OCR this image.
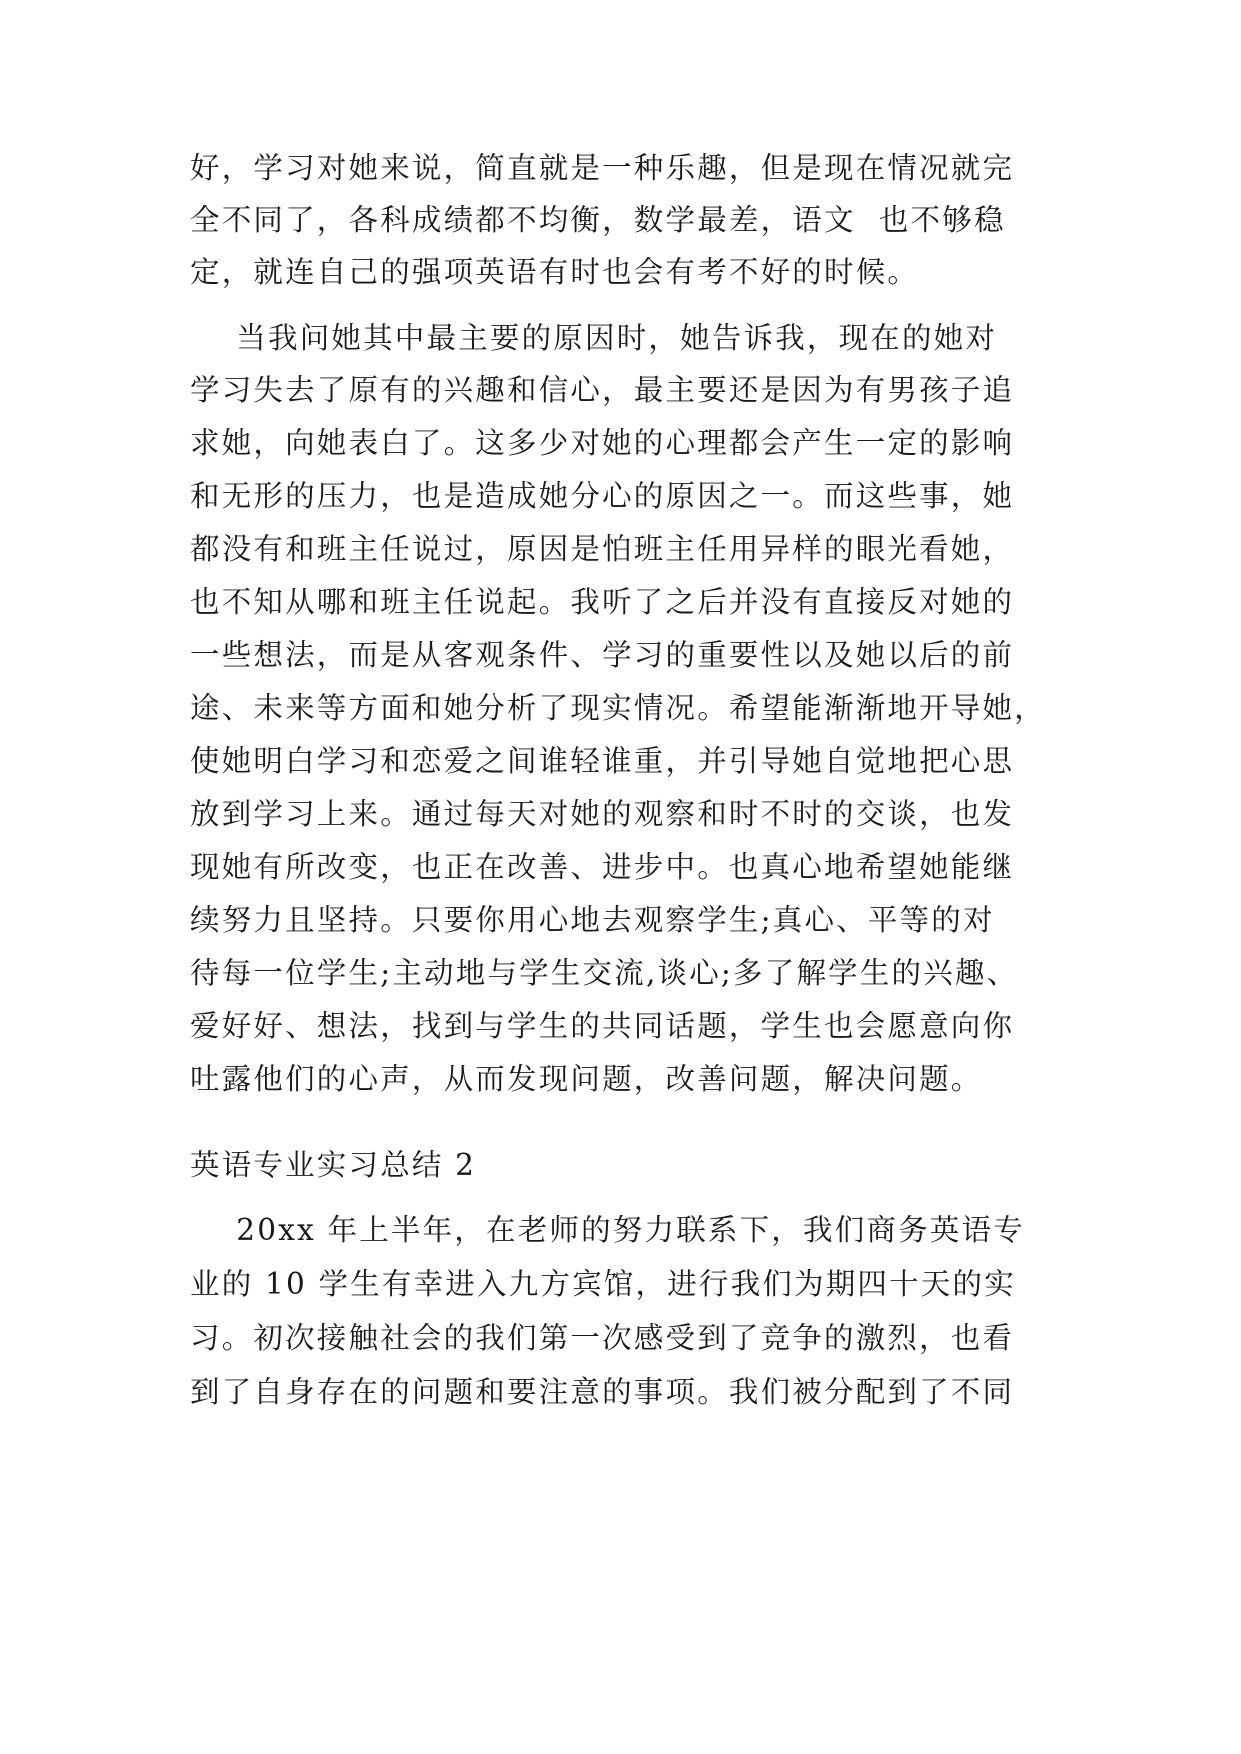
好，学习对她来说，简直就是一种乐趣，但是现在情况就完
全不同了，各科成绩都不均衡，数学最差，语文  也不够稳
定，就连自己的强项英语有时也会有考不好的时候。
当我问她其中最主要的原因时，她告诉我，现在的她对
学习失去了原有的兴趣和信心，最主要还是因为有男孩子追
求她，向她表白了。这多少对她的心理都会产生一定的影响
和无形的压力，也是造成她分心的原因之一。而这些事，她
都没有和班主任说过，原因是怕班主任用异样的眼光看她，
也不知从哪和班主任说起。我听了之后并没有直接反对她的
一些想法，而是从客观条件、学习的重要性以及她以后的前
途、未来等方面和她分析了现实情况。希望能渐渐地开导她，
使她明白学习和恋爱之间谁轻谁重，并引导她自觉地把心思
放到学习上来。通过每天对她的观察和时不时的交谈，也发
现她有所改变，也正在改善、进步中。也真心地希望她能继
续努力且坚持。只要你用心地去观察学生;真心、平等的对
待每一位学生;主动地与学生交流,谈心;多了解学生的兴趣、
爱好好、想法，找到与学生的共同话题，学生也会愿意向你
吐露他们的心声，从而发现问题，改善问题，解决问题。
英语专业实习总结 2
20xx 年上半年，在老师的努力联系下，我们商务英语专
业的 10 学生有幸进入九方宾馆，进行我们为期四十天的实
习。初次接触社会的我们第一次感受到了竞争的激烈，也看
到了自身存在的问题和要注意的事项。我们被分配到了不同
